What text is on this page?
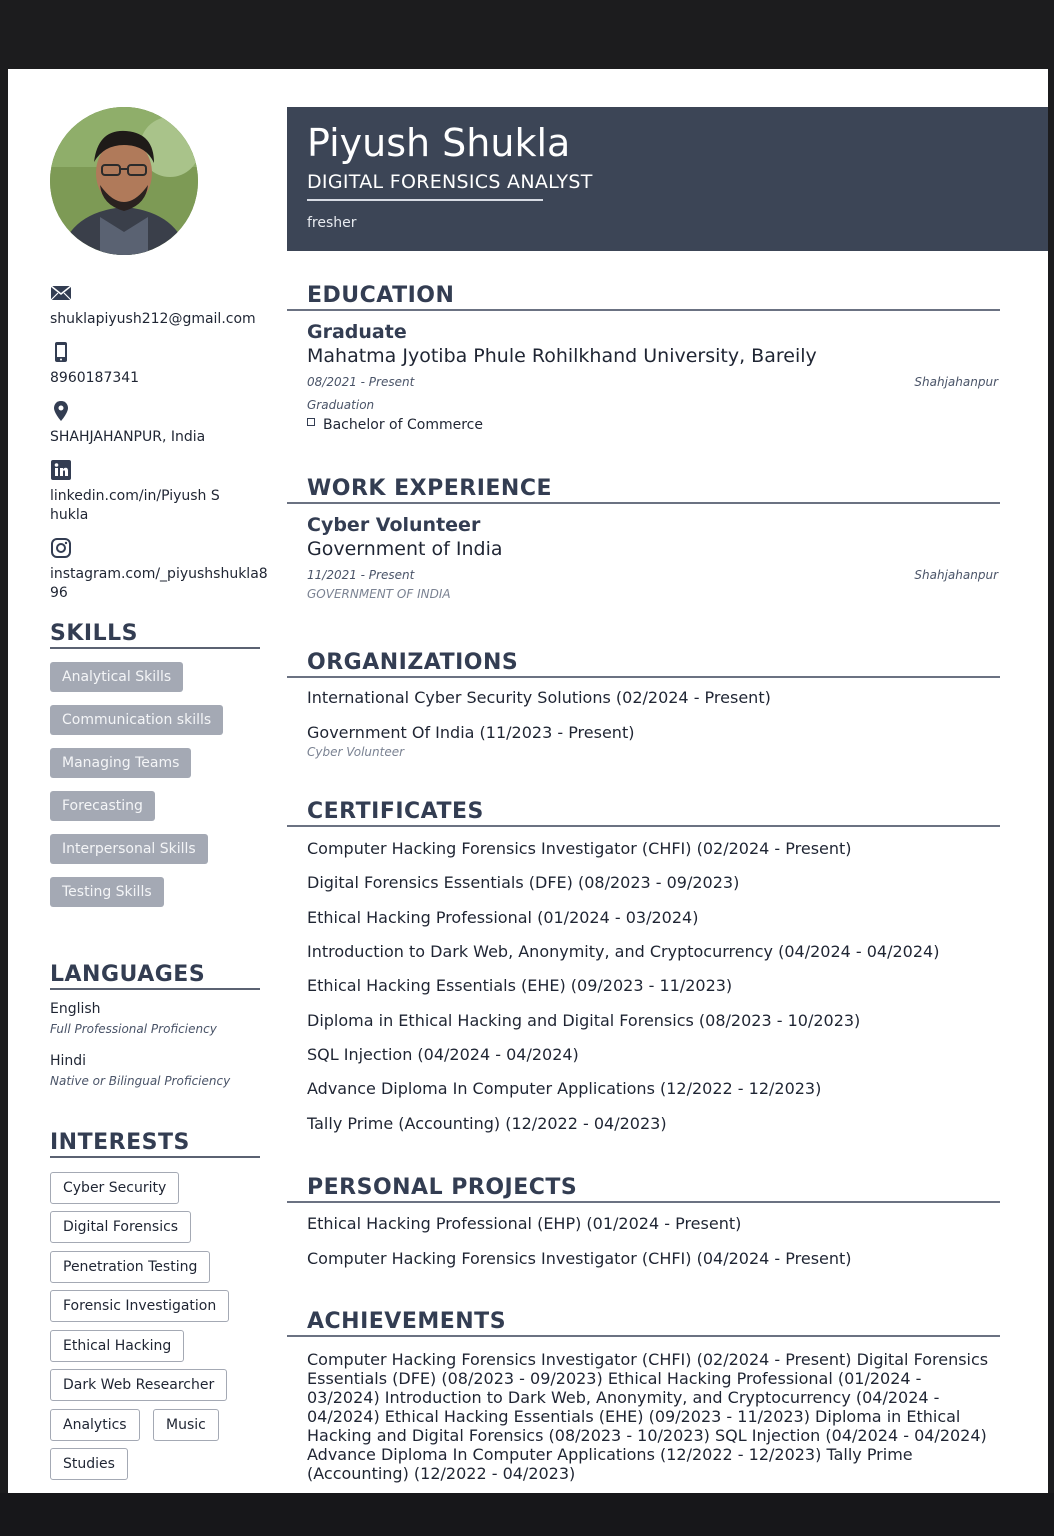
shuklapiyush212@gmail.com
8960187341
SHAHJAHANPUR, India
linkedin.com/in/Piyush Shukla
instagram.com/_piyushshukla896
SKILLS
Analytical Skills
Communication skills
Managing Teams
Forecasting
Interpersonal Skills
Testing Skills
LANGUAGES
English
Full Professional Proficiency
Hindi
Native or Bilingual Proficiency
INTERESTS
Cyber Security
Digital Forensics
Penetration Testing
Forensic Investigation
Ethical Hacking
Dark Web Researcher
Analytics	Music
Studies
Piyush Shukla
DIGITAL FORENSICS ANALYST
fresher
EDUCATION
Graduate
Mahatma Jyotiba Phule Rohilkhand University, Bareily
08/2021 - Present	Shahjahanpur
Graduation
Bachelor of Commerce
WORK EXPERIENCE
Cyber Volunteer
Government of India
11/2021 - Present	Shahjahanpur
GOVERNMENT OF INDIA
ORGANIZATIONS
International Cyber Security Solutions (02/2024 - Present)
Government Of India (11/2023 - Present)
Cyber Volunteer
CERTIFICATES
Computer Hacking Forensics Investigator (CHFI) (02/2024 - Present)
Digital Forensics Essentials (DFE) (08/2023 - 09/2023)
Ethical Hacking Professional (01/2024 - 03/2024)
Introduction to Dark Web, Anonymity, and Cryptocurrency (04/2024 - 04/2024)
Ethical Hacking Essentials (EHE) (09/2023 - 11/2023)
Diploma in Ethical Hacking and Digital Forensics (08/2023 - 10/2023)
SQL Injection (04/2024 - 04/2024)
Advance Diploma In Computer Applications (12/2022 - 12/2023)
Tally Prime (Accounting) (12/2022 - 04/2023)
PERSONAL PROJECTS
Ethical Hacking Professional (EHP) (01/2024 - Present)
Computer Hacking Forensics Investigator (CHFI) (04/2024 - Present)
ACHIEVEMENTS
Computer Hacking Forensics Investigator (CHFI) (02/2024 - Present) Digital Forensics Essentials (DFE) (08/2023 - 09/2023) Ethical Hacking Professional (01/2024 - 03/2024) Introduction to Dark Web, Anonymity, and Cryptocurrency (04/2024 - 04/2024) Ethical Hacking Essentials (EHE) (09/2023 - 11/2023) Diploma in Ethical Hacking and Digital Forensics (08/2023 - 10/2023) SQL Injection (04/2024 - 04/2024) Advance Diploma In Computer Applications (12/2022 - 12/2023) Tally Prime (Accounting) (12/2022 - 04/2023)
